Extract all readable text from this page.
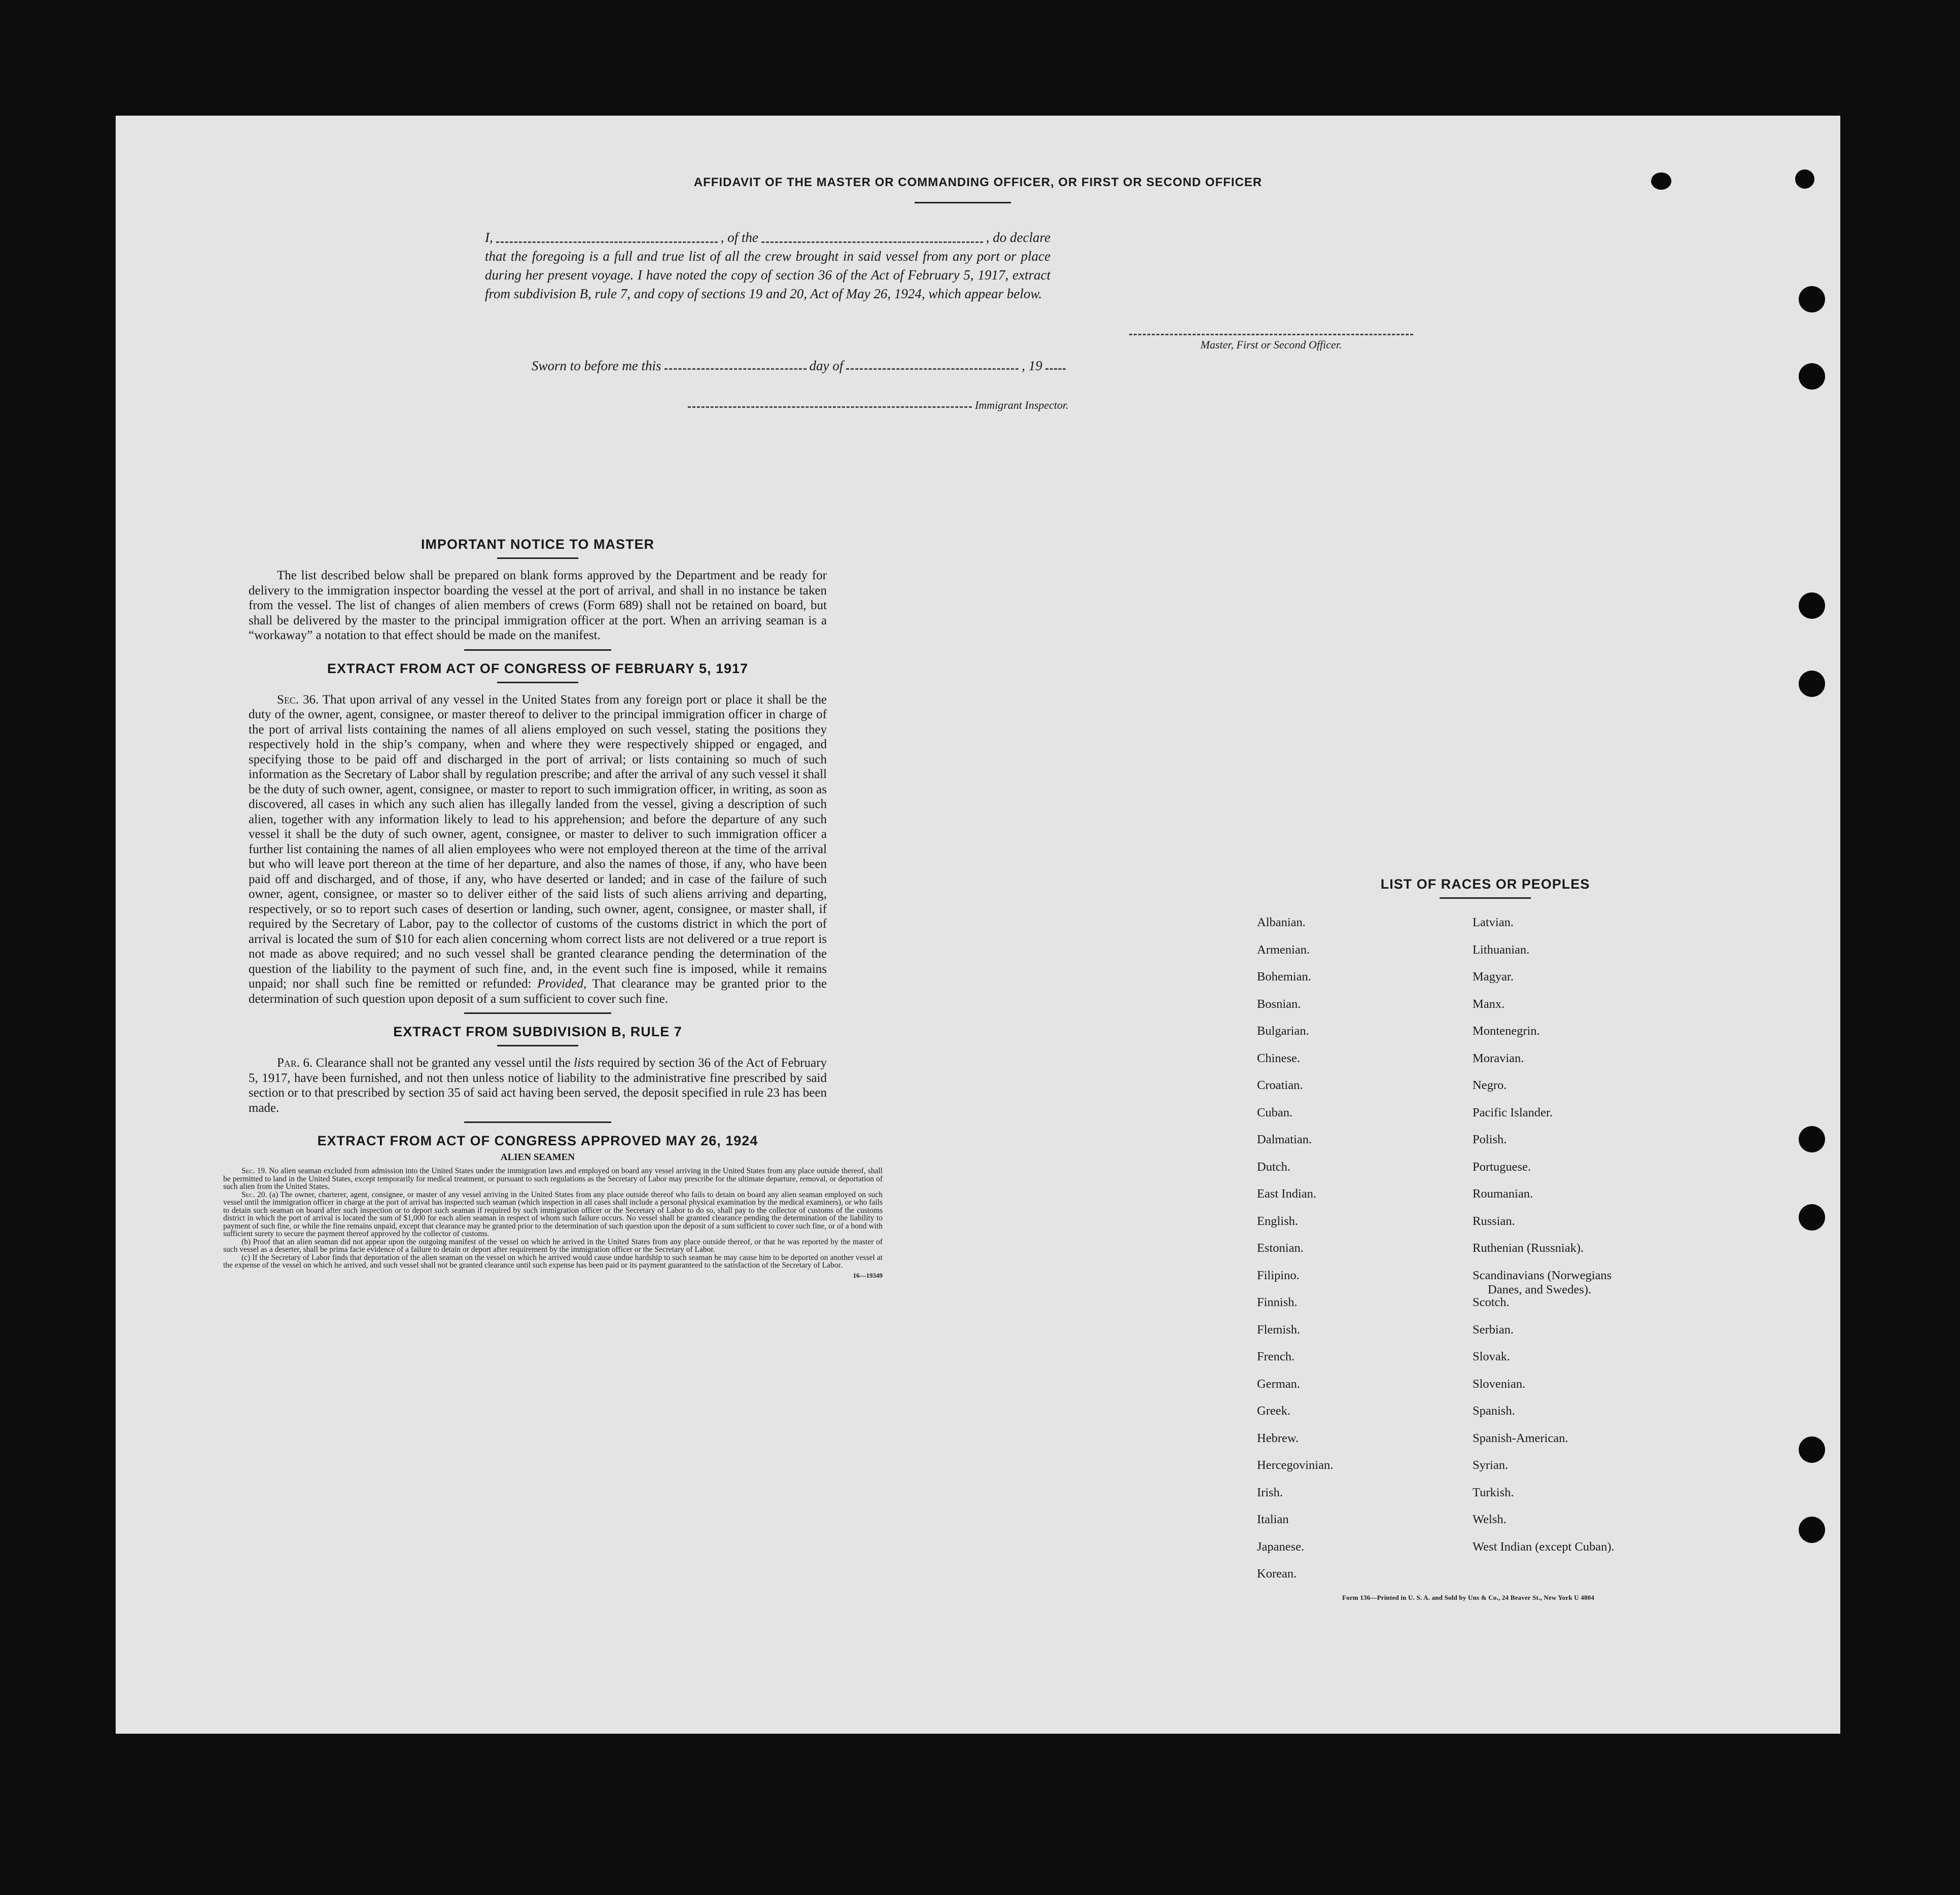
AFFIDAVIT OF THE MASTER OR COMMANDING OFFICER, OR FIRST OR SECOND OFFICER
I,	, of the	, do declare
that the foregoing is a full and true list of all the crew brought in said vessel from any port or place during her present voyage. I have noted the copy of section 36 of the Act of February 5, 1917, extract from subdivision B, rule 7, and copy of sections 19 and 20, Act of May 26, 1924, which appear below.
Master, First or Second Officer.
Sworn to before me this	day of	, 19
Immigrant Inspector.
IMPORTANT NOTICE TO MASTER

The list described below shall be prepared on blank forms approved by the Department and be ready for delivery to the immigration inspector boarding the vessel at the port of arrival, and shall in no instance be taken from the vessel. The list of changes of alien members of crews (Form 689) shall not be retained on board, but shall be delivered by the master to the principal immigration officer at the port. When an arriving seaman is a “workaway” a notation to that effect should be made on the manifest.

EXTRACT FROM ACT OF CONGRESS OF FEBRUARY 5, 1917

Sec. 36. That upon arrival of any vessel in the United States from any foreign port or place it shall be the duty of the owner, agent, consignee, or master thereof to deliver to the principal immigration officer in charge of the port of arrival lists containing the names of all aliens employed on such vessel, stating the positions they respectively hold in the ship’s company, when and where they were respectively shipped or engaged, and specifying those to be paid off and discharged in the port of arrival; or lists containing so much of such information as the Secretary of Labor shall by regulation prescribe; and after the arrival of any such vessel it shall be the duty of such owner, agent, consignee, or master to report to such immigration officer, in writing, as soon as discovered, all cases in which any such alien has illegally landed from the vessel, giving a description of such alien, together with any information likely to lead to his apprehension; and before the departure of any such vessel it shall be the duty of such owner, agent, consignee, or master to deliver to such immigration officer a further list containing the names of all alien employees who were not employed thereon at the time of the arrival but who will leave port thereon at the time of her departure, and also the names of those, if any, who have been paid off and discharged, and of those, if any, who have deserted or landed; and in case of the failure of such owner, agent, consignee, or master so to deliver either of the said lists of such aliens arriving and departing, respectively, or so to report such cases of desertion or landing, such owner, agent, consignee, or master shall, if required by the Secretary of Labor, pay to the collector of customs of the customs district in which the port of arrival is located the sum of $10 for each alien concerning whom correct lists are not delivered or a true report is not made as above required; and no such vessel shall be granted clearance pending the determination of the question of the liability to the payment of such fine, and, in the event such fine is imposed, while it remains unpaid; nor shall such fine be remitted or refunded: Provided, That clearance may be granted prior to the determination of such question upon deposit of a sum sufficient to cover such fine.

EXTRACT FROM SUBDIVISION B, RULE 7

Par. 6. Clearance shall not be granted any vessel until the lists required by section 36 of the Act of February 5, 1917, have been furnished, and not then unless notice of liability to the administrative fine prescribed by said section or to that prescribed by section 35 of said act having been served, the deposit specified in rule 23 has been made.

EXTRACT FROM ACT OF CONGRESS APPROVED MAY 26, 1924
ALIEN SEAMEN

Sec. 19. No alien seaman excluded from admission into the United States under the immigration laws and employed on board any vessel arriving in the United States from any place outside thereof, shall be permitted to land in the United States, except temporarily for medical treatment, or pursuant to such regulations as the Secretary of Labor may prescribe for the ultimate departure, removal, or deportation of such alien from the United States.

Sec. 20. (a) The owner, charterer, agent, consignee, or master of any vessel arriving in the United States from any place outside thereof who fails to detain on board any alien seaman employed on such vessel until the immigration officer in charge at the port of arrival has inspected such seaman (which inspection in all cases shall include a personal physical examination by the medical examiners), or who fails to detain such seaman on board after such inspection or to deport such seaman if required by such immigration officer or the Secretary of Labor to do so, shall pay to the collector of customs of the customs district in which the port of arrival is located the sum of $1,000 for each alien seaman in respect of whom such failure occurs. No vessel shall be granted clearance pending the determination of the liability to payment of such fine, or while the fine remains unpaid, except that clearance may be granted prior to the determination of such question upon the deposit of a sum sufficient to cover such fine, or of a bond with sufficient surety to secure the payment thereof approved by the collector of customs.

(b) Proof that an alien seaman did not appear upon the outgoing manifest of the vessel on which he arrived in the United States from any place outside thereof, or that he was reported by the master of such vessel as a deserter, shall be prima facie evidence of a failure to detain or deport after requirement by the immigration officer or the Secretary of Labor.

(c) If the Secretary of Labor finds that deportation of the alien seaman on the vessel on which he arrived would cause undue hardship to such seaman he may cause him to be deported on another vessel at the expense of the vessel on which he arrived, and such vessel shall not be granted clearance until such expense has been paid or its payment guaranteed to the satisfaction of the Secretary of Labor.

16—19349
LIST OF RACES OR PEOPLES
Albanian.
Armenian.
Bohemian.
Bosnian.
Bulgarian.
Chinese.
Croatian.
Cuban.
Dalmatian.
Dutch.
East Indian.
English.
Estonian.
Filipino.
Finnish.
Flemish.
French.
German.
Greek.
Hebrew.
Hercegovinian.
Irish.
Italian
Japanese.
Korean.
Latvian.
Lithuanian.
Magyar.
Manx.
Montenegrin.
Moravian.
Negro.
Pacific Islander.
Polish.
Portuguese.
Roumanian.
Russian.
Ruthenian (Russniak).
Scandinavians (Norwegians
Danes, and Swedes).
Scotch.
Serbian.
Slovak.
Slovenian.
Spanish.
Spanish-American.
Syrian.
Turkish.
Welsh.
West Indian (except Cuban).
Form 136—Printed in U. S. A. and Sold by Uns & Co., 24 Beaver St., New York U 4804
